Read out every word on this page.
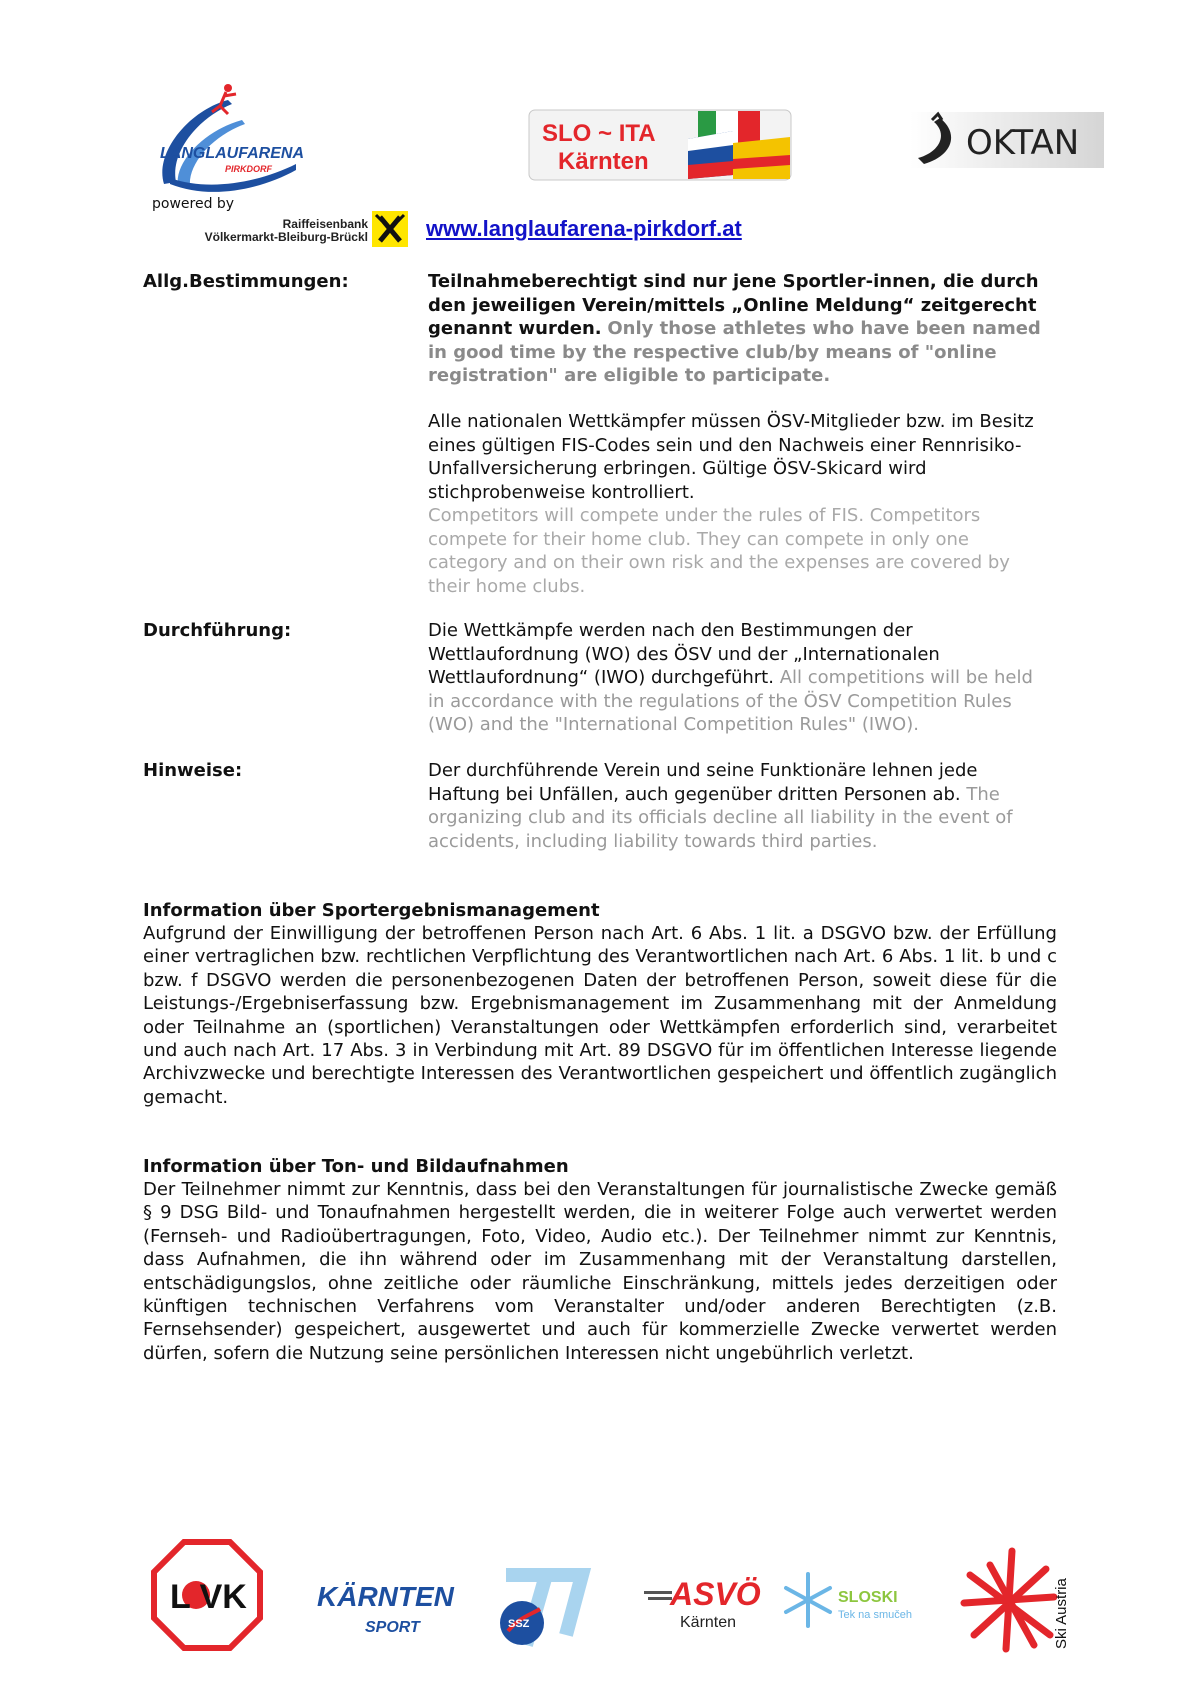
LANGLAUFARENA
PIRKDORF
powered by
Raiffeisenbank
Völkermarkt-Bleiburg-Brückl	www.langlaufarena-pirkdorf.at
SLO ~ ITA
Kärnten	OKTAN
Allg.Bestimmungen:	Teilnahmeberechtigt sind nur jene Sportler-innen, die durch den jeweiligen Verein/mittels „Online Meldung“ zeitgerecht genannt wurden. Only those athletes who have been named in good time by the respective club/by means of "online registration" are eligible to participate.
Alle nationalen Wettkämpfer müssen ÖSV-Mitglieder bzw. im Besitz eines gültigen FIS-Codes sein und den Nachweis einer Rennrisiko-Unfallversicherung erbringen. Gültige ÖSV-Skicard wird stichprobenweise kontrolliert.
Competitors will compete under the rules of FIS. Competitors compete for their home club. They can compete in only one category and on their own risk and the expenses are covered by their home clubs.
Durchführung:	Die Wettkämpfe werden nach den Bestimmungen der Wettlaufordnung (WO) des ÖSV und der „Internationalen Wettlaufordnung“ (IWO) durchgeführt. All competitions will be held in accordance with the regulations of the ÖSV Competition Rules (WO) and the "International Competition Rules" (IWO).
Hinweise:	Der durchführende Verein und seine Funktionäre lehnen jede Haftung bei Unfällen, auch gegenüber dritten Personen ab. The organizing club and its officials decline all liability in the event of accidents, including liability towards third parties.
Information über Sportergebnismanagement
Aufgrund der Einwilligung der betroffenen Person nach Art. 6 Abs. 1 lit. a DSGVO bzw. der Erfüllung einer vertraglichen bzw. rechtlichen Verpflichtung des Verantwortlichen nach Art. 6 Abs. 1 lit. b und c bzw. f DSGVO werden die personenbezogenen Daten der betroffenen Person, soweit diese für die Leistungs-/Ergebniserfassung bzw. Ergebnismanagement im Zusammenhang mit der Anmeldung oder Teilnahme an (sportlichen) Veranstaltungen oder Wettkämpfen erforderlich sind, verarbeitet und auch nach Art. 17 Abs. 3 in Verbindung mit Art. 89 DSGVO für im öffentlichen Interesse liegende Archivzwecke und berechtigte Interessen des Verantwortlichen gespeichert und öffentlich zugänglich gemacht.
Information über Ton- und Bildaufnahmen
Der Teilnehmer nimmt zur Kenntnis, dass bei den Veranstaltungen für journalistische Zwecke gemäß § 9 DSG Bild- und Tonaufnahmen hergestellt werden, die in weiterer Folge auch verwertet werden (Fernseh- und Radioübertragungen, Foto, Video, Audio etc.). Der Teilnehmer nimmt zur Kenntnis, dass Aufnahmen, die ihn während oder im Zusammenhang mit der Veranstaltung darstellen, entschädigungslos, ohne zeitliche oder räumliche Einschränkung, mittels jedes derzeitigen oder künftigen technischen Verfahrens vom Veranstalter und/oder anderen Berechtigten (z.B. Fernsehsender) gespeichert, ausgewertet und auch für kommerzielle Zwecke verwertet werden dürfen, sofern die Nutzung seine persönlichen Interessen nicht ungebührlich verletzt.
L VK	KÄRNTEN
SPORT	SSZ
ASVÖ
Kärnten
SLOSKI
Tek na smučeh	Ski Austria
